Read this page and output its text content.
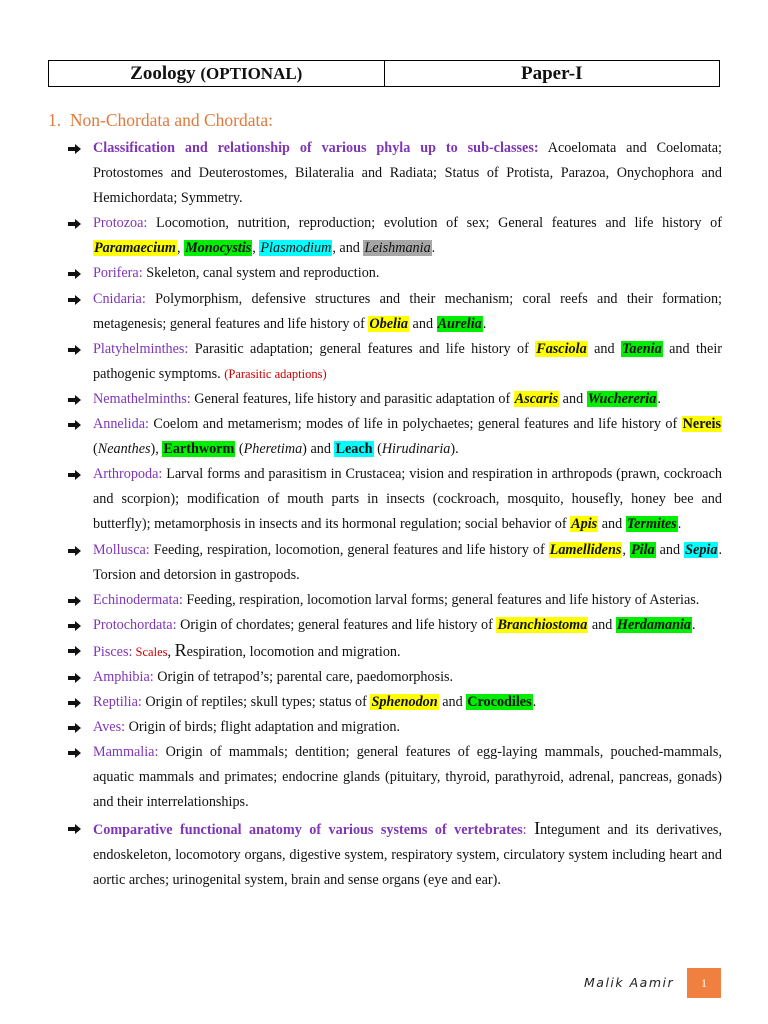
Zoology
(OPTIONAL)	Paper-I
1. Non-Chordata and Chordata:

Classification and relationship of various phyla up to sub-classes: Acoelomata and Coelomata; Protostomes and Deuterostomes, Bilateralia and Radiata; Status of Protista, Parazoa, Onychophora and Hemichordata; Symmetry.

Protozoa: Locomotion, nutrition, reproduction; evolution of sex; General features and life history of Paramaecium, Monocystis, Plasmodium, and Leishmania.

Porifera: Skeleton, canal system and reproduction.

Cnidaria: Polymorphism, defensive structures and their mechanism; coral reefs and their formation; metagenesis; general features and life history of Obelia and Aurelia.

Platyhelminthes: Parasitic adaptation; general features and life history of Fasciola and Taenia and their pathogenic symptoms. (Parasitic adaptions)

Nemathelminths: General features, life history and parasitic adaptation of Ascaris and Wuchereria.

Annelida: Coelom and metamerism; modes of life in polychaetes; general features and life history of Nereis (Neanthes), Earthworm (Pheretima) and Leach (Hirudinaria).

Arthropoda: Larval forms and parasitism in Crustacea; vision and respiration in arthropods (prawn, cockroach and scorpion); modification of mouth parts in insects (cockroach, mosquito, housefly, honey bee and butterfly); metamorphosis in insects and its hormonal regulation; social behavior of Apis and Termites.

Mollusca: Feeding, respiration, locomotion, general features and life history of Lamellidens, Pila and Sepia. Torsion and detorsion in gastropods.

Echinodermata: Feeding, respiration, locomotion larval forms; general features and life history of Asterias.

Protochordata: Origin of chordates; general features and life history of Branchiostoma and Herdamania.

Pisces: Scales, Respiration, locomotion and migration.

Amphibia: Origin of tetrapod’s; parental care, paedomorphosis.

Reptilia: Origin of reptiles; skull types; status of Sphenodon and Crocodiles.

Aves: Origin of birds; flight adaptation and migration.

Mammalia: Origin of mammals; dentition; general features of egg-laying mammals, pouched-mammals, aquatic mammals and primates; endocrine glands (pituitary, thyroid, parathyroid, adrenal, pancreas, gonads) and their interrelationships.

Comparative functional anatomy of various systems of vertebrates: Integument and its derivatives, endoskeleton, locomotory organs, digestive system, respiratory system, circulatory system including heart and aortic arches; urinogenital system, brain and sense organs (eye and ear).

Malik Aamir	1
